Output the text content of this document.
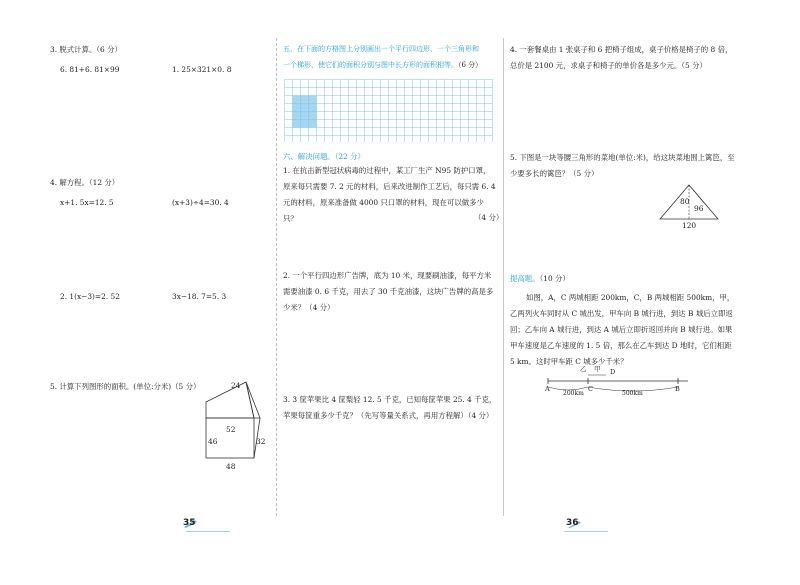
3. 脱式计算。（6 分）
6. 81+6. 81×99	1. 25×321×0. 8
4. 解方程。（12 分）
x+1. 5x=12. 5	(x+3)÷4=30. 4
2. 1(x−3)=2. 52	3x−18. 7=5. 3
5. 计算下列图形的面积。(单位:分米)（5 分）	24
52
46	32
48
五、在下面的方格图上分别画出一个平行四边形、一个三角形和
一个梯形，使它们的面积分别与图中长方形的面积相等。（6 分）
六、解决问题。（22 分）
1. 在抗击新型冠状病毒的过程中，某工厂生产 N95 防护口罩，原来每只需要 7. 2 元的材料，后来改进制作工艺后，每只需 6. 4 元的材料，原来准备做 4000 只口罩的材料，现在可以做多少只？	（4 分）
2. 一个平行四边形广告牌，底为 10 米，现要刷油漆，每平方米需要油漆 0. 6 千克，用去了 30 千克油漆，这块广告牌的高是多少米？（4 分）
3. 3 筐苹果比 4 筐梨轻 12. 5 千克，已知每筐苹果 25. 4 千克，苹果每筐重多少千克？（先写等量关系式，再用方程解）（4 分）
35
4. 一套餐桌由 1 张桌子和 6 把椅子组成，桌子价格是椅子的 8 倍，总价是 2100 元，求桌子和椅子的单价各是多少元。（5 分）
5. 下图是一块等腰三角形的菜地(单位:米)，给这块菜地围上篱笆，至少要多长的篱笆？（5 分）
80
96
120
提高题。（10 分）
如图，A，C 两城相距 200km，C，B 两城相距 500km，甲，乙两列火车同时从 C 城出发，甲车向 B 城行进，到达 B 城后立即返回；乙车向 A 城行进，到达 A 城后立即折返回并向 B 城行进。如果甲车速度是乙车速度的 1. 5 倍，那么在乙车到达 D 地时，它们相距 5 km。这时甲车距 C 城多少千米？
乙 甲 D
A
200km
C
500km
B
36
